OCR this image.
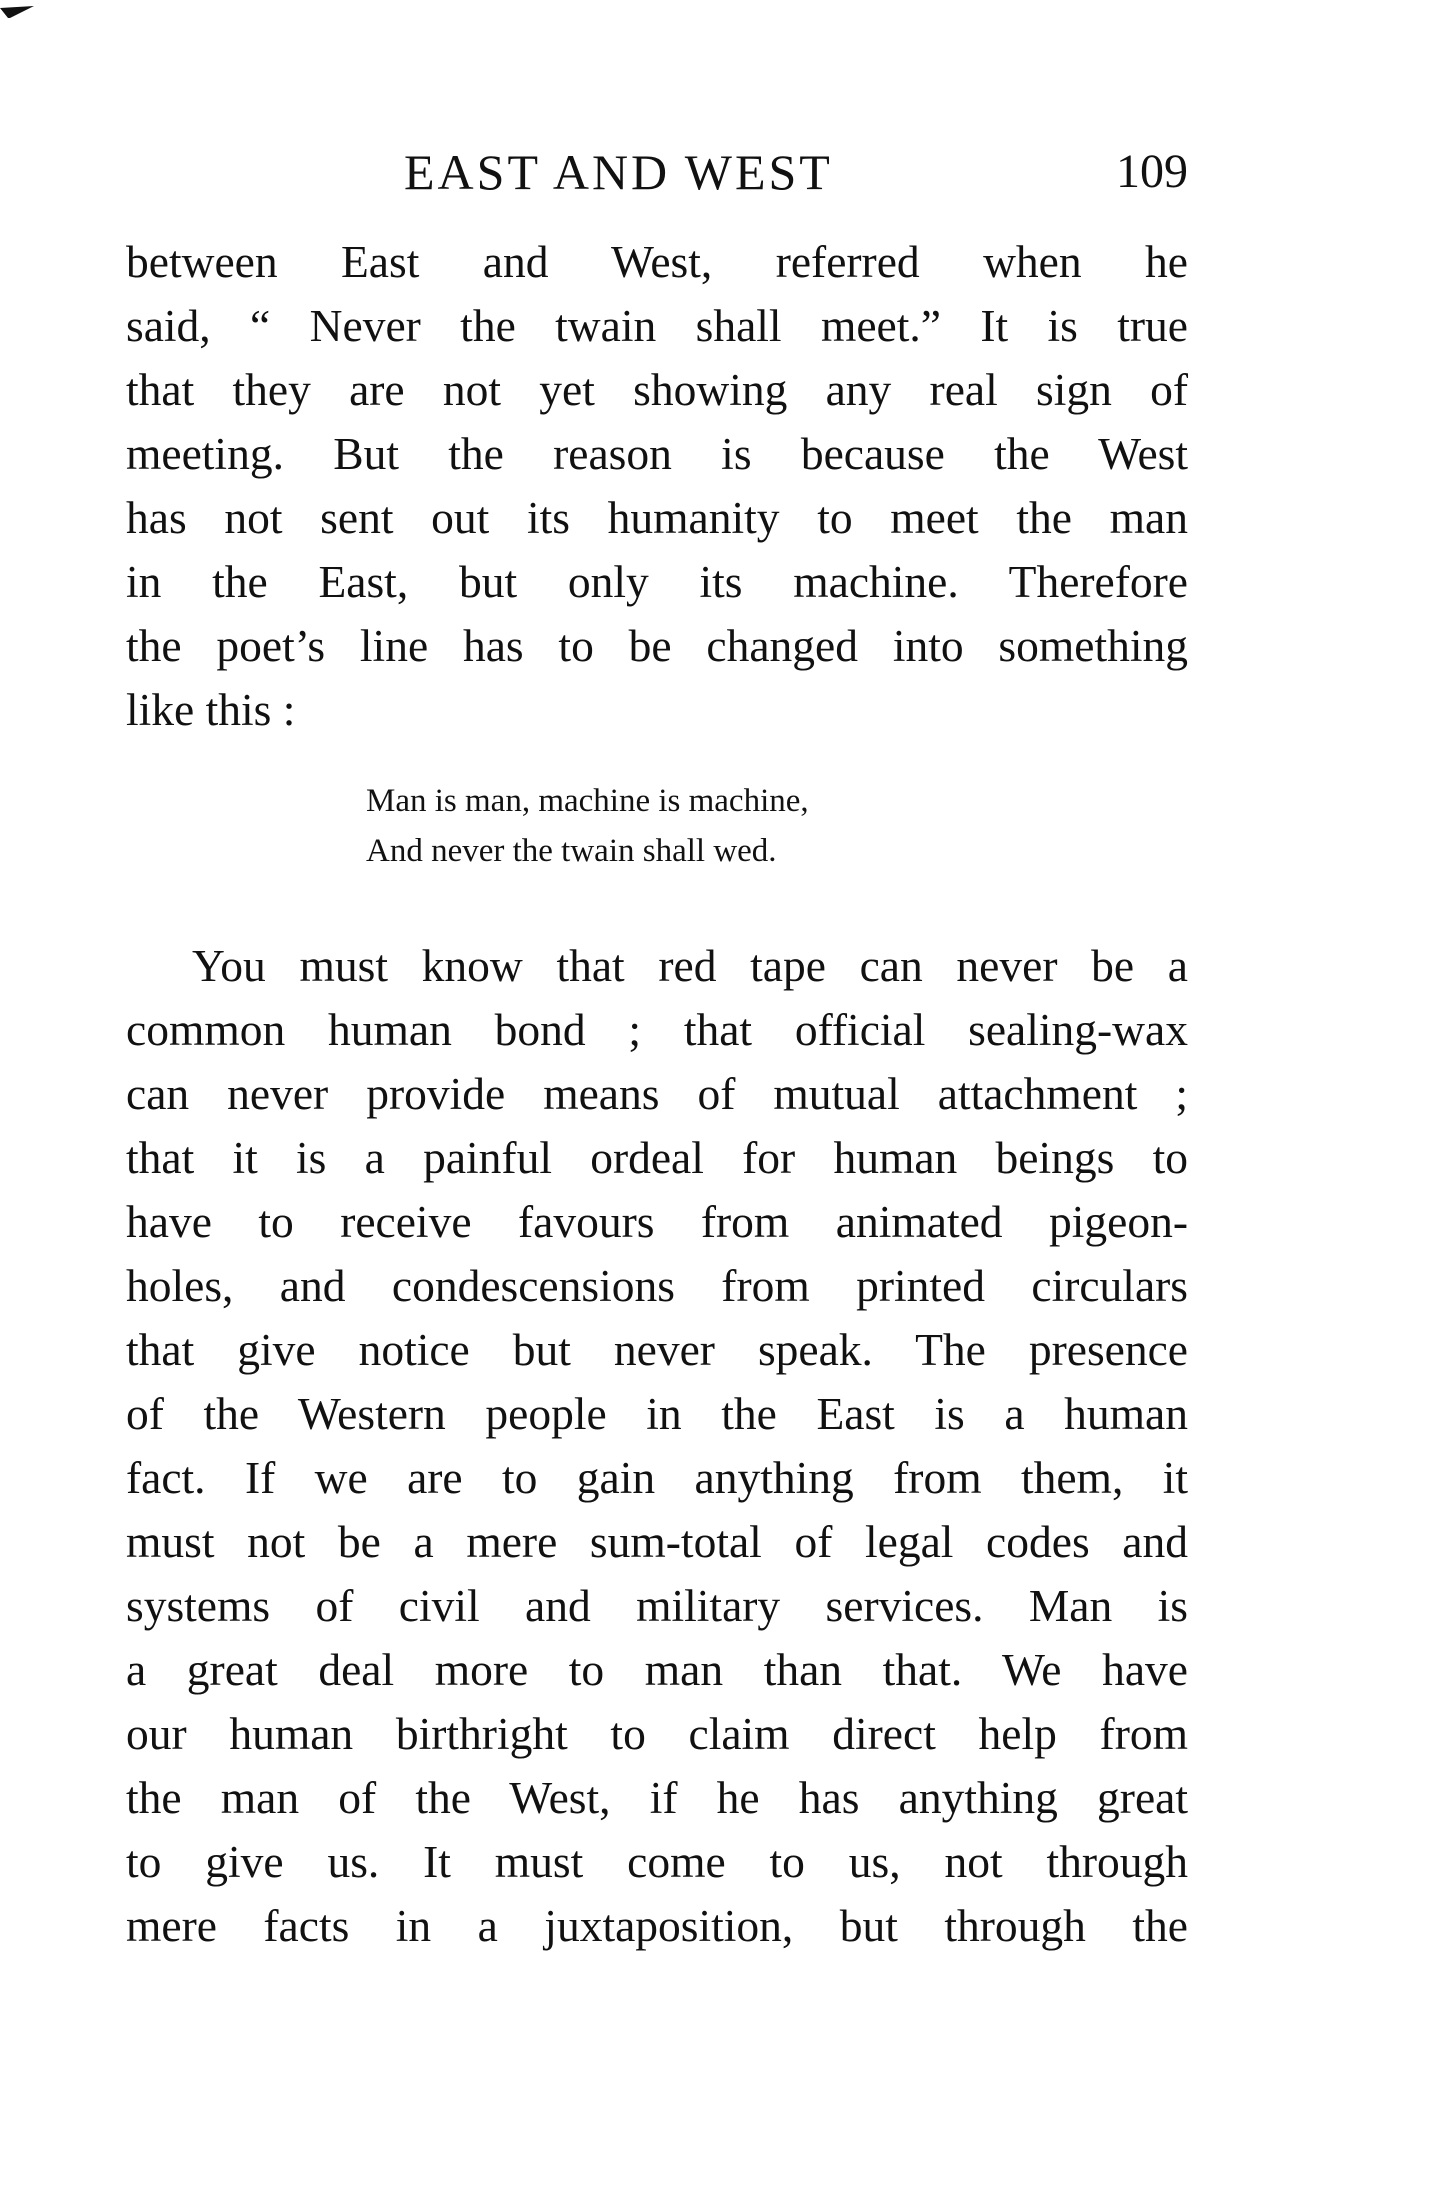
EAST AND WEST	109
between East and West, referred when he
said, “ Never the twain shall meet.” It is true
that they are not yet showing any real sign of
meeting. But the reason is because the West
has not sent out its humanity to meet the man
in the East, but only its machine. Therefore
the poet’s line has to be changed into something
like this :
Man is man, machine is machine,
And never the twain shall wed.
You must know that red tape can never be a
common human bond ; that official sealing-wax
can never provide means of mutual attachment ;
that it is a painful ordeal for human beings to
have to receive favours from animated pigeon-
holes, and condescensions from printed circulars
that give notice but never speak. The presence
of the Western people in the East is a human
fact. If we are to gain anything from them, it
must not be a mere sum-total of legal codes and
systems of civil and military services. Man is
a great deal more to man than that. We have
our human birthright to claim direct help from
the man of the West, if he has anything great
to give us. It must come to us, not through
mere facts in a juxtaposition, but through the
